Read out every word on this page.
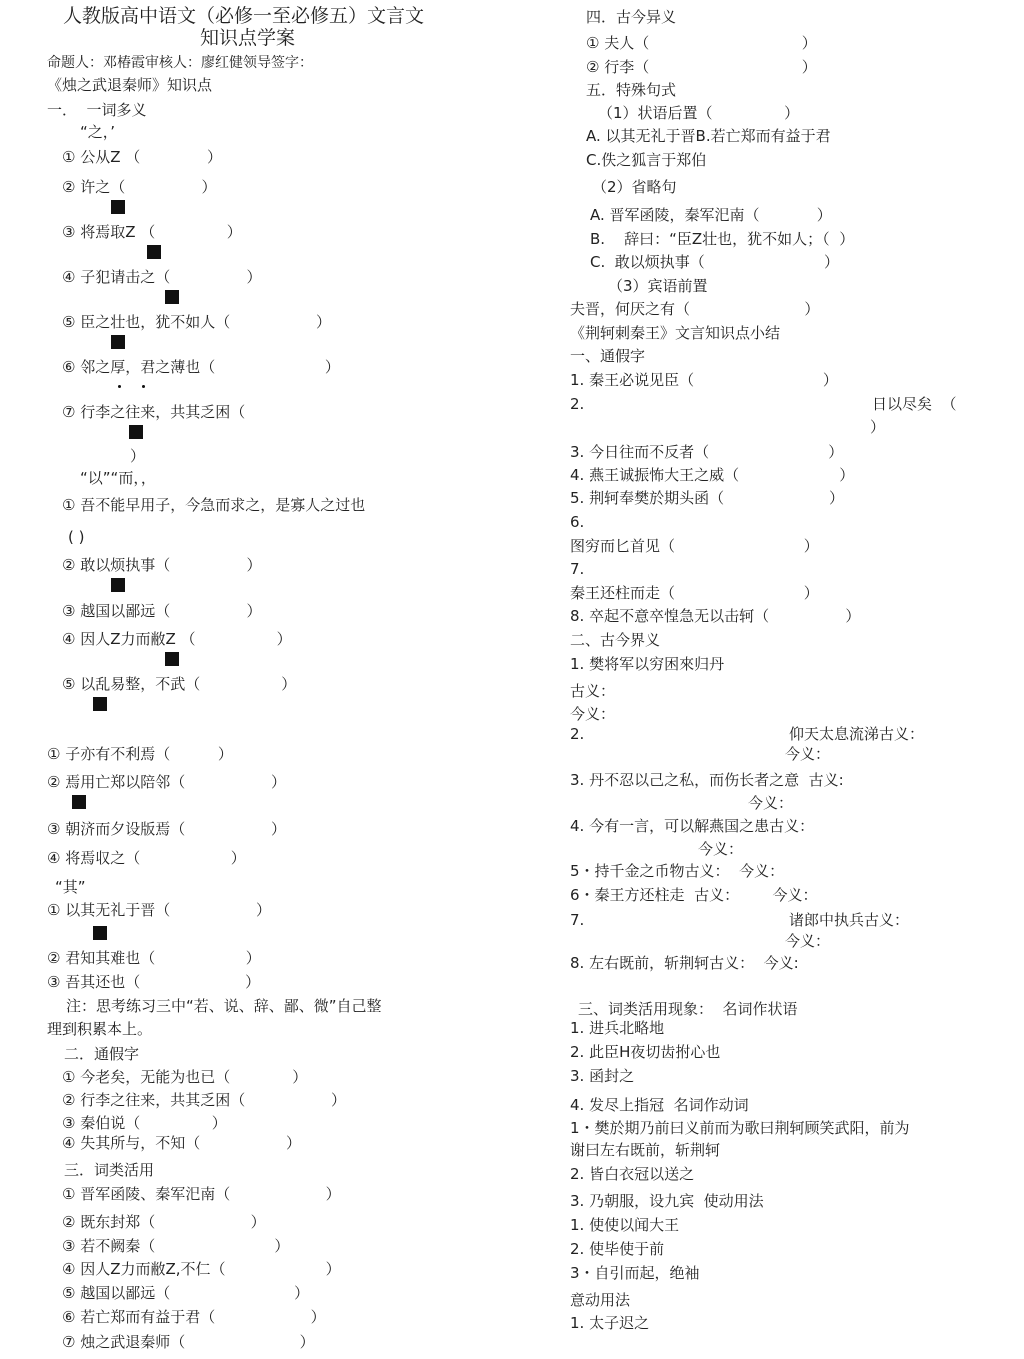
人教版高中语文（必修一至必修五）文言文
知识点学案
命题人：邓椿霞审核人：廖红健领导签字：
《烛之武退秦师》知识点
一．  一词多义
“之，’
① 公从Z （              ）
② 许之（                ）
③ 将焉取Z （               ）
④ 子犯请击之（                ）
⑤ 臣之壮也，犹不如人（                  ）
⑥ 邻之厚，君之薄也（                       ）
⑦ 行李之往来，共其乏困（
）
“以”“而，，
① 吾不能早用子，今急而求之，是寡人之过也
( )
② 敢以烦执事（                ）
③ 越国以鄙远（                ）
④ 因人Z力而敝Z （                 ）
⑤ 以乱易整，不武（                 ）
① 子亦有不利焉（          ）
② 焉用亡郑以陪邻（                  ）
③ 朝济而夕设版焉（                  ）
④ 将焉収之（                   ）
“其”
① 以其无礼于晋（                  ）
② 君知其难也（                   ）
③ 吾其还也（                      ）
注：思考练习三中“若、说、辞、鄙、微”自己整
理到积累本上。
二．通假字
① 今老矣，无能为也已（             ）
② 行李之往来，共其乏困（                  ）
③ 秦伯说（               ）
④ 失其所与，不知（                  ）
三．词类活用
① 晋军函陵、秦军汜南（                    ）
② 既东封郑（                    ）
③ 若不阙秦（                         ）
④ 因人Z力而敝Z,不仁（                     ）
⑤ 越国以鄙远（                          ）
⑥ 若亡郑而有益于君（                    ）
⑦ 烛之武退秦师（                        ）
四．古今异义
① 夫人（                                ）
② 行李（                                ）
五．特殊句式
（1）状语后置（               ）
A. 以其无礼于晋B.若亡郑而有益于君
C.佚之狐言于郑伯
（2）省略句
A. 晋军函陵，秦军汜南（            ）
B.    辞曰：“臣Z壮也，犹不如人；（  ）
C.  敢以烦执事（                         ）
（3）宾语前置
夫晋，何厌之有（                        ）
《荆轲刺秦王》文言知识点小结
一、通假字
1. 秦王必说见臣（                           ）
2.	日以尽矣  （
）
3. 今日往而不反者（                         ）
4. 燕王诚振怖大王之威（                     ）
5. 荆轲奉樊於期头函（                      ）
6.
图穷而匕首见（                           ）
7.
秦王还柱而走（                           ）
8. 卒起不意卒惶急无以击轲（                ）
二、古今界义
1. 樊将军以穷困來归丹
古义：
今义：
2.	仰天太息流涕古义：
今义：
3. 丹不忍以己之私，而伤长者之意  古义:
今义：
4. 今有一言，可以解燕国之患古义：
今义：
5・持千金之币物古义：  今义：
6・秦王方还柱走  古义：       今义：
7.	诸郎中执兵古义：
今义：
8. 左右既前，斩荆轲古义：  今义:
三、词类活用现象：  名词作状语
1. 进兵北略地
2. 此臣H夜切齿拊心也
3. 函封之
4. 发尽上指冠  名词作动词
1・樊於期乃前曰义前而为歌曰荆轲顾笑武阳，前为
谢曰左右既前，斩荆轲
2. 皆白衣冠以送之
3. 乃朝服，设九宾  使动用法
1. 使使以闻大王
2. 使毕使于前
3・自引而起，绝袖
意动用法
1. 太子迟之
